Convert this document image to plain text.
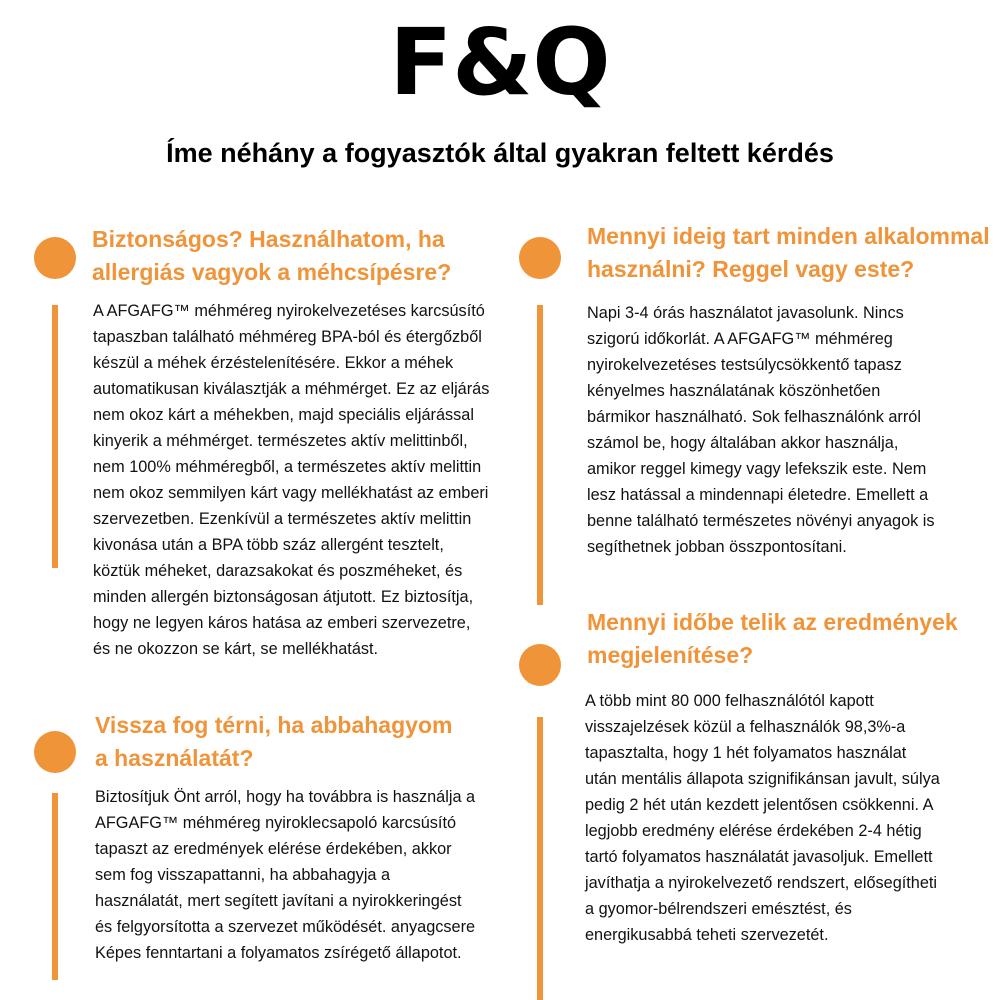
F&Q
Íme néhány a fogyasztók által gyakran feltett kérdés
Biztonságos? Használhatom, ha
allergiás vagyok a méhcsípésre?
A AFGAFG™ méhméreg nyirokelvezetéses karcsúsító
tapaszban található méhméreg BPA-ból és étergőzből
készül a méhek érzéstelenítésére. Ekkor a méhek
automatikusan kiválasztják a méhmérget. Ez az eljárás
nem okoz kárt a méhekben, majd speciális eljárással
kinyerik a méhmérget. természetes aktív melittinből,
nem 100% méhméregből, a természetes aktív melittin
nem okoz semmilyen kárt vagy mellékhatást az emberi
szervezetben. Ezenkívül a természetes aktív melittin
kivonása után a BPA több száz allergént tesztelt,
köztük méheket, darazsakokat és poszméheket, és
minden allergén biztonságosan átjutott. Ez biztosítja,
hogy ne legyen káros hatása az emberi szervezetre,
és ne okozzon se kárt, se mellékhatást.
Vissza fog térni, ha abbahagyom
a használatát?
Biztosítjuk Önt arról, hogy ha továbbra is használja a
AFGAFG™ méhméreg nyiroklecsapoló karcsúsító
tapaszt az eredmények elérése érdekében, akkor
sem fog visszapattanni, ha abbahagyja a
használatát, mert segített javítani a nyirokkeringést
és felgyorsította a szervezet működését. anyagcsere
Képes fenntartani a folyamatos zsírégető állapotot.
Mennyi ideig tart minden alkalommal
használni? Reggel vagy este?
Napi 3-4 órás használatot javasolunk. Nincs
szigorú időkorlát. A AFGAFG™ méhméreg
nyirokelvezetéses testsúlycsökkentő tapasz
kényelmes használatának köszönhetően
bármikor használható. Sok felhasználónk arról
számol be, hogy általában akkor használja,
amikor reggel kimegy vagy lefekszik este. Nem
lesz hatással a mindennapi életedre. Emellett a
benne található természetes növényi anyagok is
segíthetnek jobban összpontosítani.
Mennyi időbe telik az eredmények
megjelenítése?
A több mint 80 000 felhasználótól kapott
visszajelzések közül a felhasználók 98,3%-a
tapasztalta, hogy 1 hét folyamatos használat
után mentális állapota szignifikánsan javult, súlya
pedig 2 hét után kezdett jelentősen csökkenni. A
legjobb eredmény elérése érdekében 2-4 hétig
tartó folyamatos használatát javasoljuk. Emellett
javíthatja a nyirokelvezető rendszert, elősegítheti
a gyomor-bélrendszeri emésztést, és
energikusabbá teheti szervezetét.
